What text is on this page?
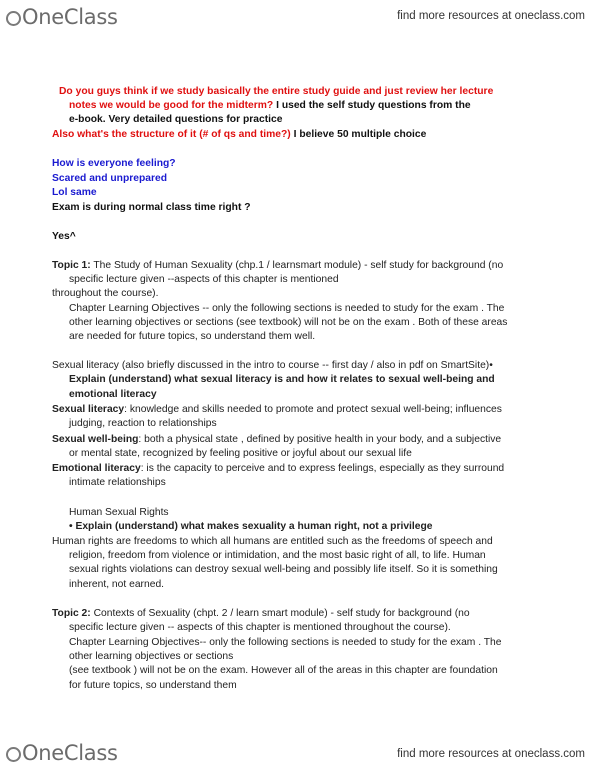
OneClass	find more resources at oneclass.com
Do you guys think if we study basically the entire study guide and just review her lecture
notes we would be good for the midterm? I used the self study questions from the
e-book. Very detailed questions for practice
Also what's the structure of it (# of qs and time?) I believe 50 multiple choice
How is everyone feeling?
Scared and unprepared
Lol same
Exam is during normal class time right ?
Yes^
Topic 1: The Study of Human Sexuality (chp.1 / learnsmart module) - self study for background (no
specific lecture given --aspects of this chapter is mentioned
throughout the course).
Chapter Learning Objectives -- only the following sections is needed to study for the exam . The
other learning objectives or sections (see textbook) will not be on the exam . Both of these areas
are needed for future topics, so understand them well.
Sexual literacy (also briefly discussed in the intro to course -- first day / also in pdf on SmartSite)•
Explain (understand) what sexual literacy is and how it relates to sexual well-being and
emotional literacy
Sexual literacy: knowledge and skills needed to promote and protect sexual well-being; influences
judging, reaction to relationships
Sexual well-being: both a physical state , defined by positive health in your body, and a subjective
or mental state, recognized by feeling positive or joyful about our sexual life
Emotional literacy: is the capacity to perceive and to express feelings, especially as they surround
intimate relationships
Human Sexual Rights
• Explain (understand) what makes sexuality a human right, not a privilege
Human rights are freedoms to which all humans are entitled such as the freedoms of speech and
religion, freedom from violence or intimidation, and the most basic right of all, to life. Human
sexual rights violations can destroy sexual well-being and possibly life itself. So it is something
inherent, not earned.
Topic 2: Contexts of Sexuality (chpt. 2 / learn smart module) - self study for background (no
specific lecture given -- aspects of this chapter is mentioned throughout the course).
Chapter Learning Objectives-- only the following sections is needed to study for the exam . The
other learning objectives or sections
(see textbook ) will not be on the exam. However all of the areas in this chapter are foundation
for future topics, so understand them
OneClass	find more resources at oneclass.com
